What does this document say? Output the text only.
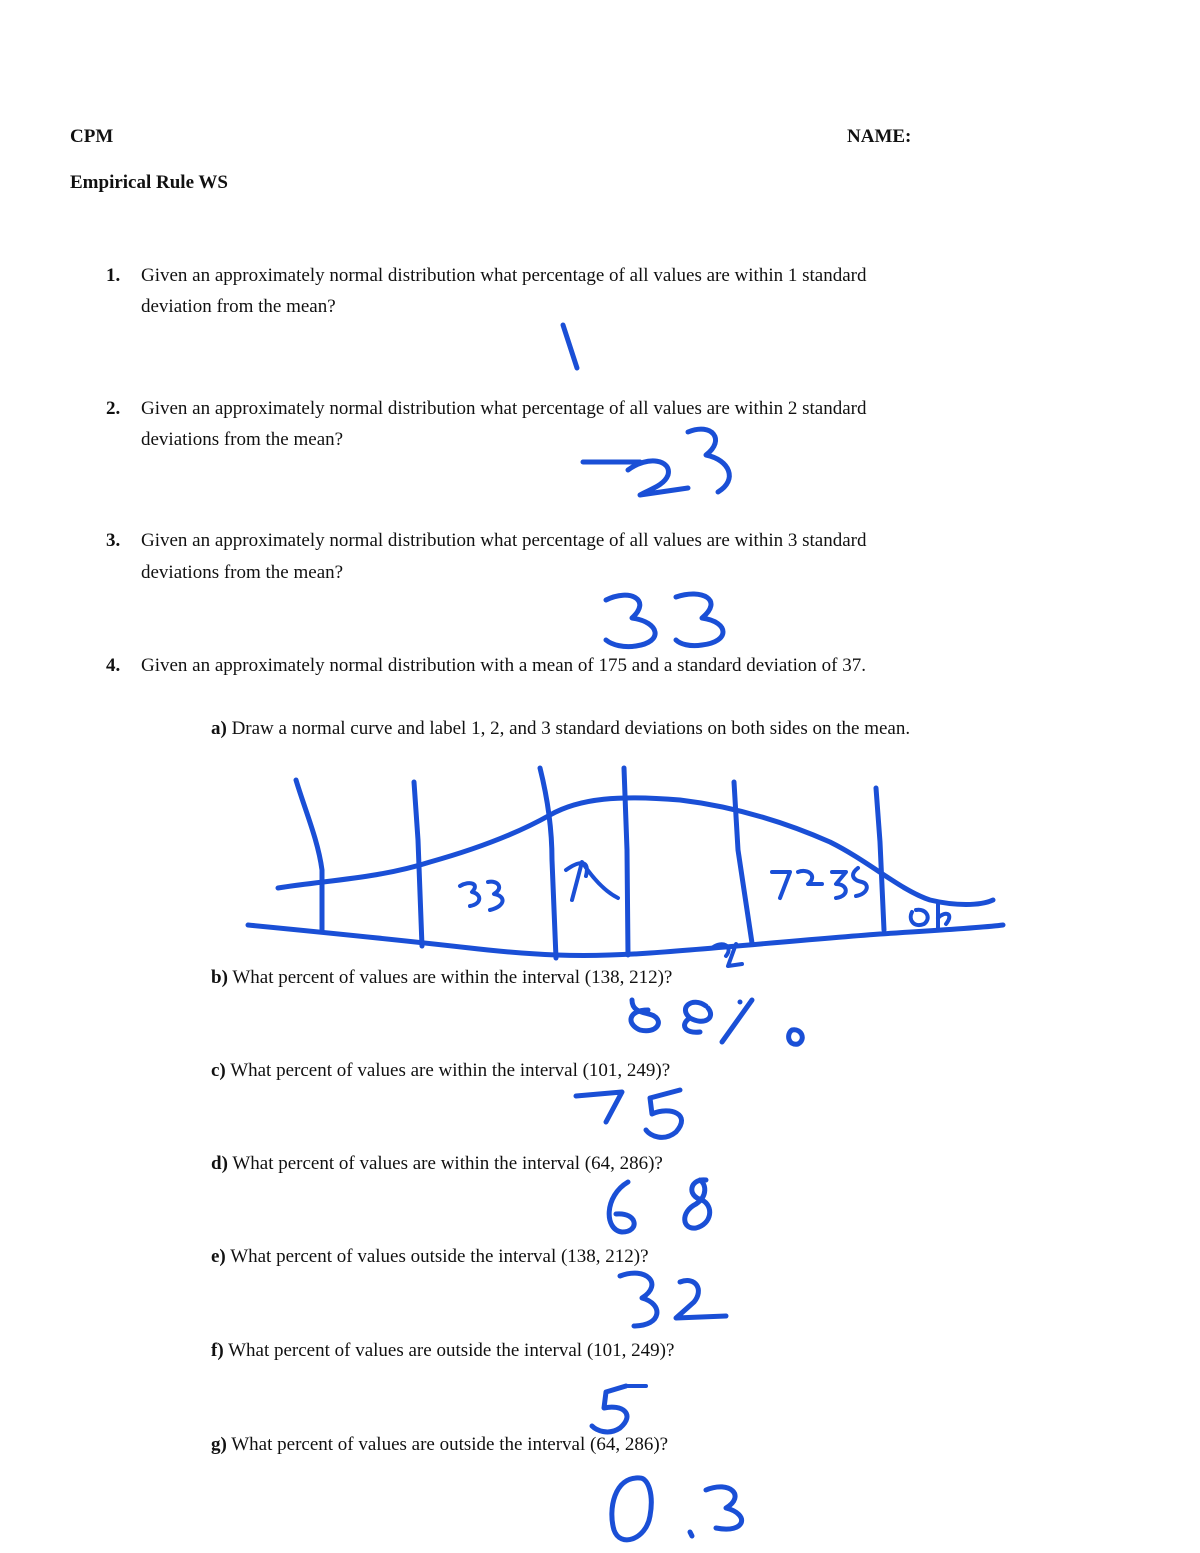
CPM	NAME:
Empirical Rule WS
1. Given an approximately normal distribution what percentage of all values are within 1 standard
deviation from the mean?
2. Given an approximately normal distribution what percentage of all values are within 2 standard
deviations from the mean?
3. Given an approximately normal distribution what percentage of all values are within 3 standard
deviations from the mean?
4. Given an approximately normal distribution with a mean of 175 and a standard deviation of 37.
a) Draw a normal curve and label 1, 2, and 3 standard deviations on both sides on the mean.
b) What percent of values are within the interval (138, 212)?
c) What percent of values are within the interval (101, 249)?
d) What percent of values are within the interval (64, 286)?
e) What percent of values outside the interval (138, 212)?
f) What percent of values are outside the interval (101, 249)?
g) What percent of values are outside the interval (64, 286)?
